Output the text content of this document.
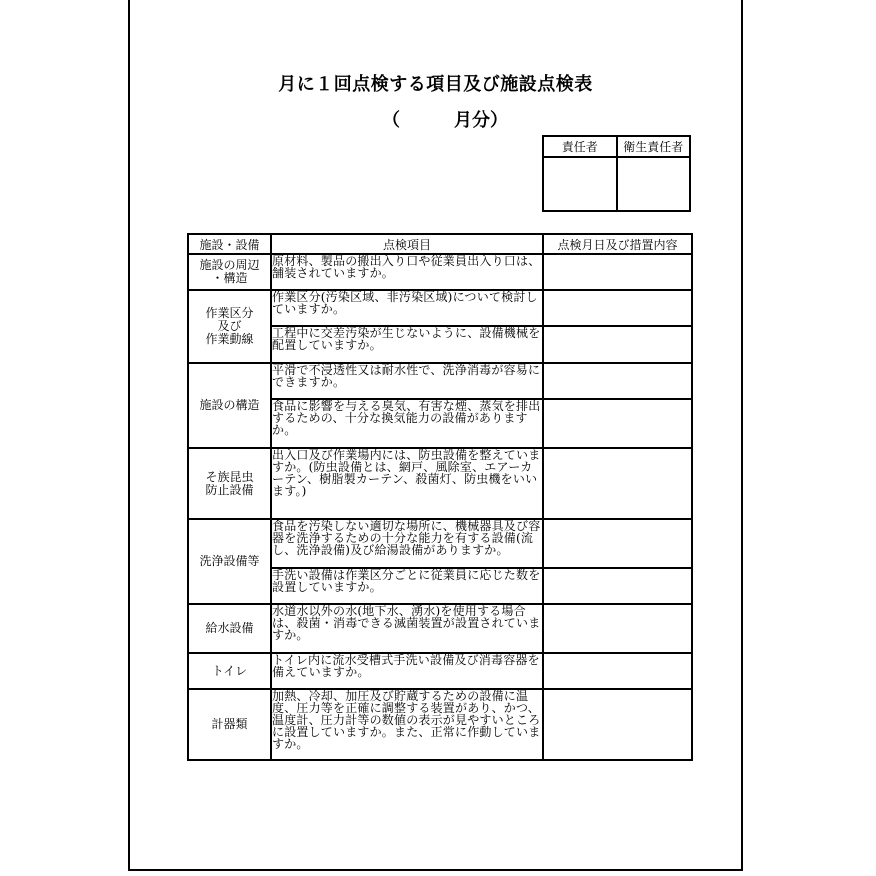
月に１回点検する項目及び施設点検表
（	月分）
責任者	衛生責任者

施設・設備	点検項目	点検月日及び措置内容

施設の周辺
・構造	原材料、製品の搬出入り口や従業員出入り口は、舗装されていますか。	

作業区分
及び
作業動線	作業区分(汚染区域、非汚染区域)について検討していますか。	
	工程中に交差汚染が生じないように、設備機械を配置していますか。	

施設の構造	平滑で不浸透性又は耐水性で、洗浄消毒が容易にできますか。	
	食品に影響を与える臭気、有害な煙、蒸気を排出するための、十分な換気能力の設備がありますか。	

そ族昆虫
防止設備	出入口及び作業場内には、防虫設備を整えていますか。(防虫設備とは、網戸、風除室、エアーカーテン、樹脂製カーテン、殺菌灯、防虫機をいいます。)	

洗浄設備等	食品を汚染しない適切な場所に、機械器具及び容器を洗浄するための十分な能力を有する設備(流し、洗浄設備)及び給湯設備がありますか。	
	手洗い設備は作業区分ごとに従業員に応じた数を設置していますか。	

給水設備	水道水以外の水(地下水、湧水)を使用する場合は、殺菌・消毒できる滅菌装置が設置されていますか。	

トイレ	トイレ内に流水受槽式手洗い設備及び消毒容器を備えていますか。	

計器類	加熱、冷却、加圧及び貯蔵するための設備に温度、圧力等を正確に調整する装置があり、かつ、温度計、圧力計等の数値の表示が見やすいところに設置していますか。また、正常に作動していますか。	
